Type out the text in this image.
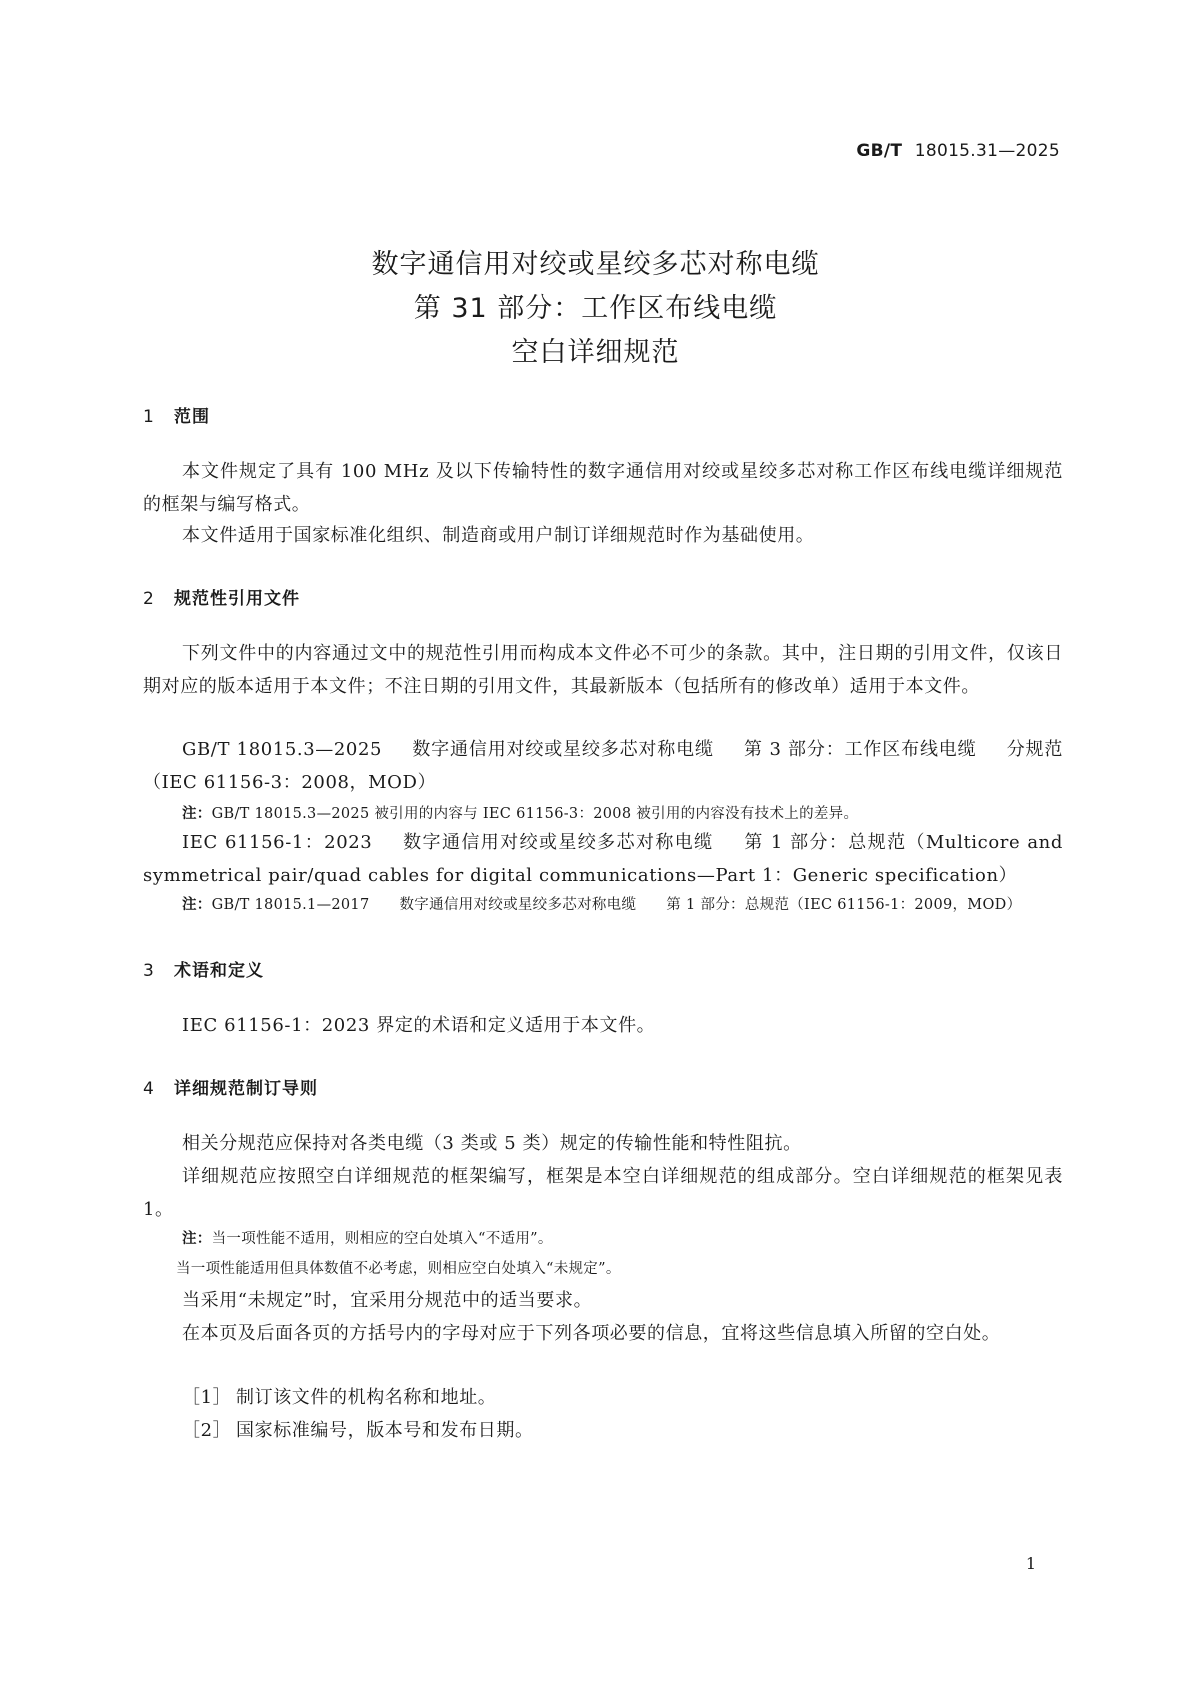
GB/T 18015.31—2025
数字通信用对绞或星绞多芯对称电缆
第 31 部分：工作区布线电缆
空白详细规范
1 范围
本文件规定了具有 100 MHz 及以下传输特性的数字通信用对绞或星绞多芯对称工作区布线电缆详细规范的框架与编写格式。
本文件适用于国家标准化组织、制造商或用户制订详细规范时作为基础使用。
2 规范性引用文件
下列文件中的内容通过文中的规范性引用而构成本文件必不可少的条款。其中，注日期的引用文件，仅该日期对应的版本适用于本文件；不注日期的引用文件，其最新版本（包括所有的修改单）适用于本文件。
GB/T 18015.3—2025 数字通信用对绞或星绞多芯对称电缆 第 3 部分：工作区布线电缆 分规范（IEC 61156-3：2008，MOD）
注：GB/T 18015.3—2025 被引用的内容与 IEC 61156-3：2008 被引用的内容没有技术上的差异。
IEC 61156-1：2023 数字通信用对绞或星绞多芯对称电缆 第 1 部分：总规范（Multicore and symmetrical pair/quad cables for digital communications—Part 1：Generic specification）
注：GB/T 18015.1—2017 数字通信用对绞或星绞多芯对称电缆 第 1 部分：总规范（IEC 61156-1：2009，MOD）
3 术语和定义
IEC 61156-1：2023 界定的术语和定义适用于本文件。
4 详细规范制订导则
相关分规范应保持对各类电缆（3 类或 5 类）规定的传输性能和特性阻抗。
详细规范应按照空白详细规范的框架编写，框架是本空白详细规范的组成部分。空白详细规范的框架见表 1。
注：当一项性能不适用，则相应的空白处填入“不适用”。
当一项性能适用但具体数值不必考虑，则相应空白处填入“未规定”。
当采用“未规定”时，宜采用分规范中的适当要求。
在本页及后面各页的方括号内的字母对应于下列各项必要的信息，宜将这些信息填入所留的空白处。
［1］ 制订该文件的机构名称和地址。
［2］ 国家标准编号，版本号和发布日期。
1
